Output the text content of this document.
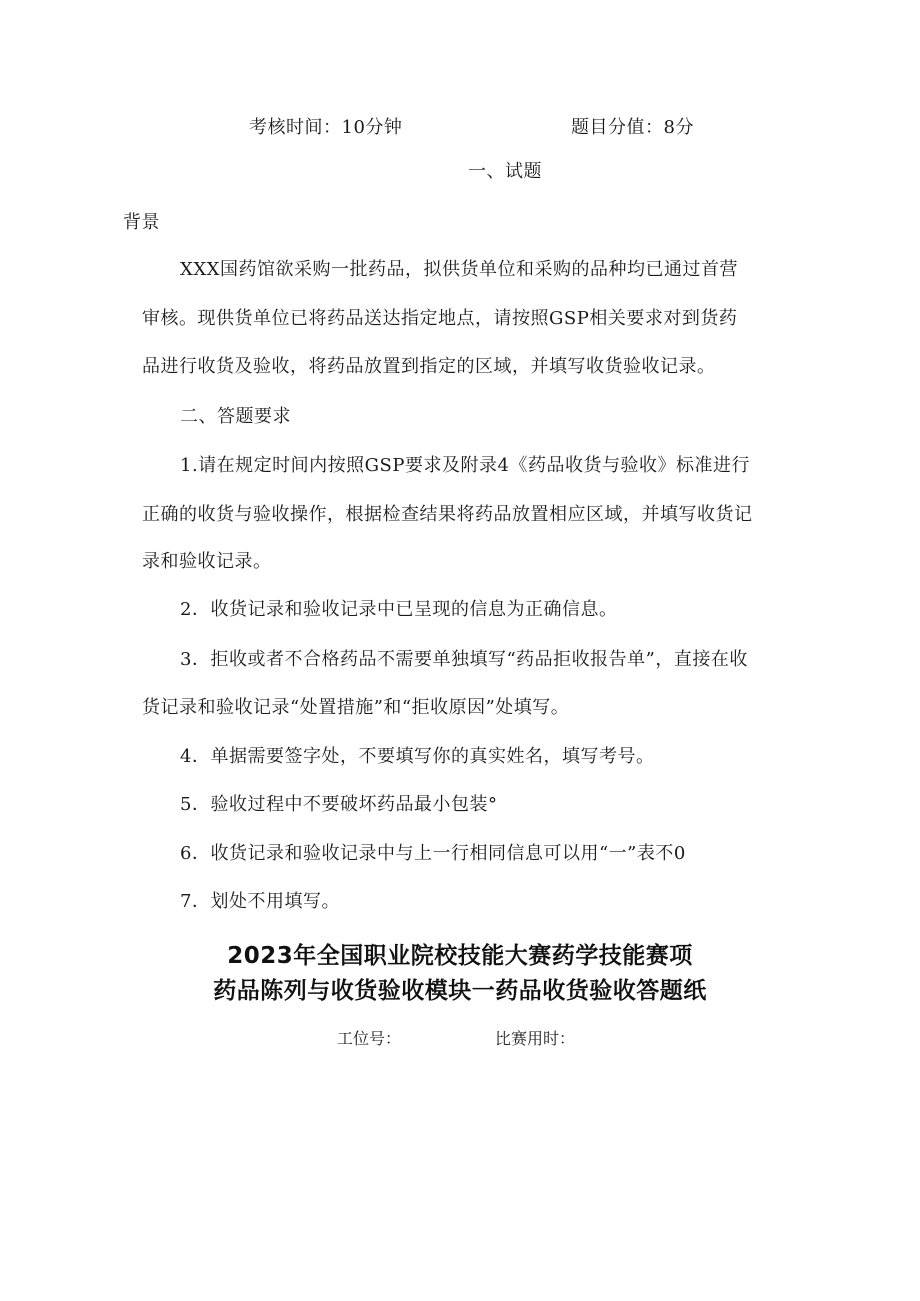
考核时间：10分钟	题目分值：8分
一、试题
背景
XXX国药馆欲采购一批药品，拟供货单位和采购的品种均已通过首营
审核。现供货单位已将药品送达指定地点，请按照GSP相关要求对到货药
品进行收货及验收，将药品放置到指定的区域，并填写收货验收记录。
二、答题要求
1.请在规定时间内按照GSP要求及附录4《药品收货与验收》标准进行
正确的收货与验收操作，根据检查结果将药品放置相应区域，并填写收货记
录和验收记录。
2．收货记录和验收记录中已呈现的信息为正确信息。
3．拒收或者不合格药品不需要单独填写“药品拒收报告单”，直接在收
货记录和验收记录“处置措施”和“拒收原因”处填写。
4．单据需要签字处，不要填写你的真实姓名，填写考号。
5．验收过程中不要破坏药品最小包装°
6．收货记录和验收记录中与上一行相同信息可以用“一”表不0
7．划处不用填写。
2023年全国职业院校技能大赛药学技能赛项
药品陈列与收货验收模块一药品收货验收答题纸
工位号：	比赛用时：
